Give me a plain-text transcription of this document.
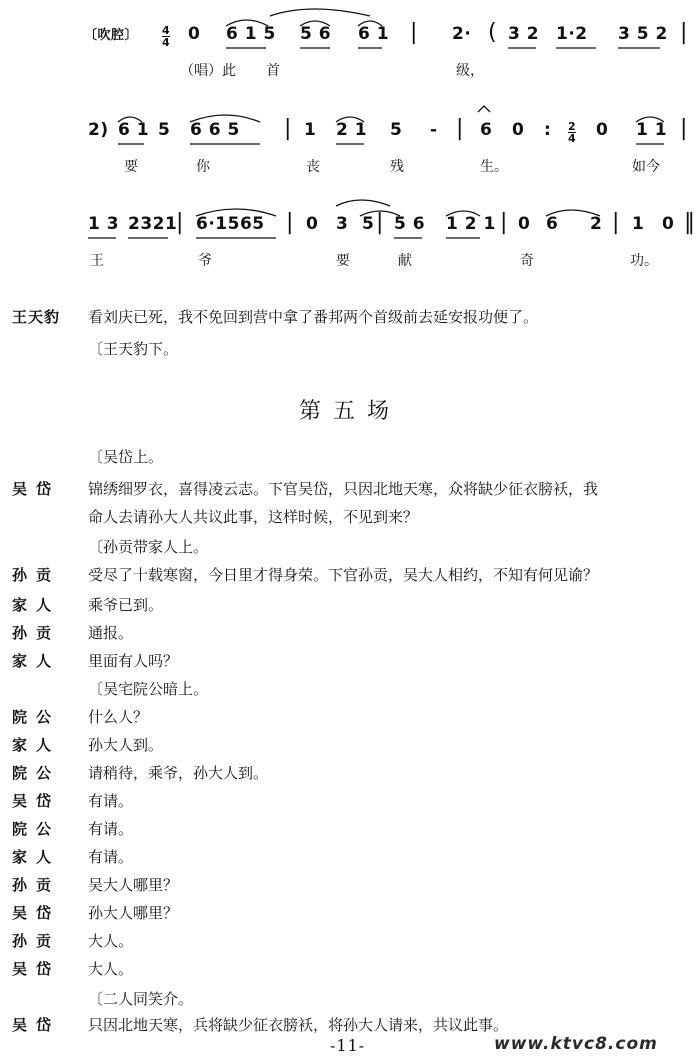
〔吹腔〕 $\frac{4}{4} 0$ 6 1 5 5 6 6 1 | 2· ( 3 2 1·2 3 5 2 |
（唱）此 首	级，
2) 6 1 5 6 6 5 | 1 2 1 5 - | 6 0 : $\frac{2}{4} 0$ 1 1 |
要	你	丧	残	生。	如今
1 3 2321
| 6·1565 | 0 3 5 | 5 6 1 2 1 | 0 6 2 | 1 0 ‖
王	爷	要	献	奇	功。
王天豹	看刘庆已死，我不免回到营中拿了番邦两个首级前去延安报功便了。
〔王天豹下。
第五场
〔吴岱上。
吴岱	锦绣细罗衣，喜得凌云志。下官吴岱，只因北地天寒，众将缺少征衣膀袄，我
命人去请孙大人共议此事，这样时候，不见到来？
〔孙贡带家人上。
孙贡	受尽了十载寒窗，今日里才得身荣。下官孙贡，吴大人相约，不知有何见谕？
家人	乘爷已到。
孙贡	通报。
家人	里面有人吗？
〔吴宅院公暗上。
院公	什么人？
家人	孙大人到。
院公	请稍待，乘爷，孙大人到。
吴岱	有请。
院公	有请。
家人	有请。
孙贡	吴大人哪里？
吴岱	孙大人哪里？
孙贡	大人。
吴岱	大人。
〔二人同笑介。
吴岱	只因北地天寒，兵将缺少征衣膀袄，将孙大人请来，共议此事。
-11-	www.ktvc8.com
